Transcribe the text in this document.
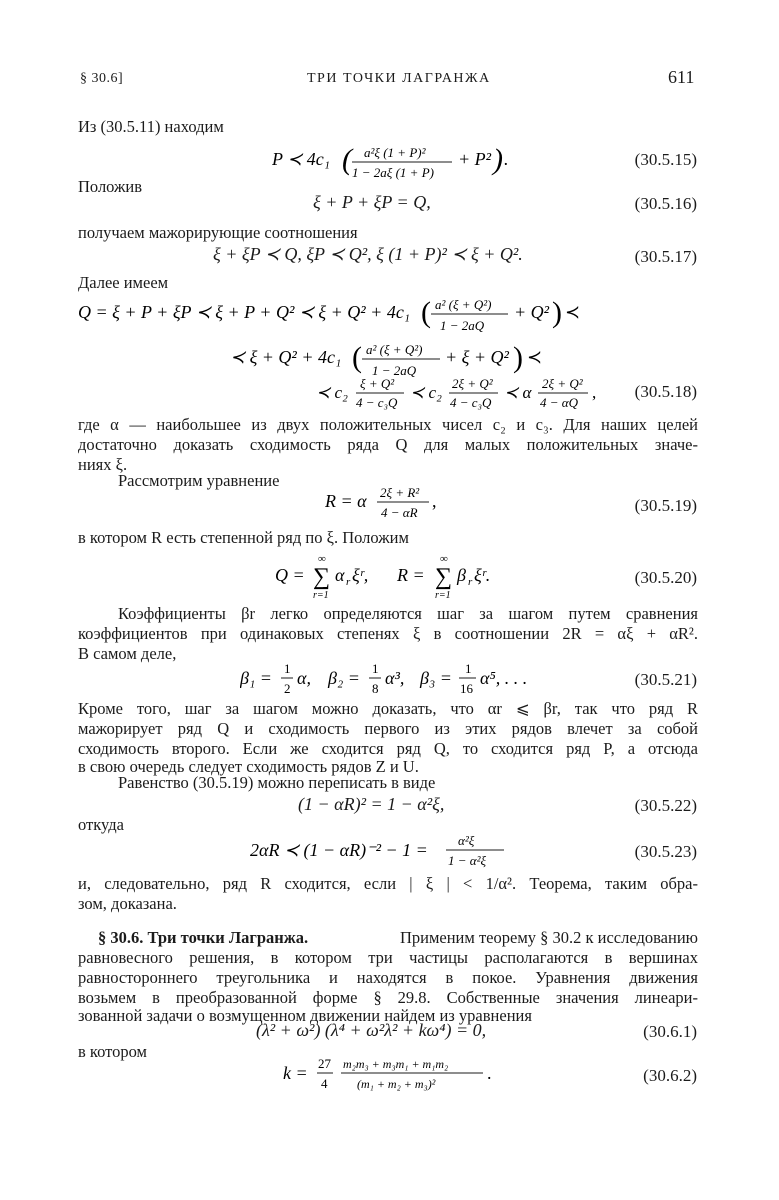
§ 30.6]	ТРИ ТОЧКИ ЛАГРАНЖА	611
Из (30.5.11) находим
P ≺ 4c₁ ( a²ξ (1 + P)²
1 − 2aξ (1 + P)
+ P² ) .	(30.5.15)
Положив
ξ + P + ξP = Q,	(30.5.16)
получаем мажорирующие соотношения
ξ + ξP ≺ Q, ξP ≺ Q², ξ (1 + P)² ≺ ξ + Q².	(30.5.17)
Далее имеем
Q = ξ + P + ξP ≺ ξ + P + Q² ≺ ξ + Q² + 4c₁ ( a² (ξ + Q²)
1 − 2aQ
+ Q² ) ≺
≺ ξ + Q² + 4c₁ ( a² (ξ + Q²)
1 − 2aQ
+ ξ + Q² ) ≺
≺ c₂ ξ + Q²
4 − c₃Q
≺ c₂ 2ξ + Q²
4 − c₃Q
≺ α 2ξ + Q²
4 − αQ
, (30.5.18)
где α — наибольшее из двух положительных чисел c₂ и c₃. Для наших целей
достаточно доказать сходимость ряда Q для малых положительных значе-
ниях ξ.
Рассмотрим уравнение
R = α 2ξ + R²
4 − αR
,	(30.5.19)
в котором R есть степенной ряд по ξ. Положим
Q =
∞
∑
r=1
α r ξʳ, R =
∞
∑
r=1
β r ξʳ.	(30.5.20)
Коэффициенты βr легко определяются шаг за шагом путем сравнения
коэффициентов при одинаковых степенях ξ в соотношении 2R = αξ + αR².
В самом деле,
β₁ = 1
2
α, β₂ = 1
8
α³, β₃ = 1
16
α⁵, . . .	(30.5.21)
Кроме того, шаг за шагом можно доказать, что αr ⩽ βr, так что ряд R
мажорирует ряд Q и сходимость первого из этих рядов влечет за собой
сходимость второго. Если же сходится ряд Q, то сходится ряд P, а отсюда
в свою очередь следует сходимость рядов Z и U.
Равенство (30.5.19) можно переписать в виде
(1 − αR)² = 1 − α²ξ,	(30.5.22)
откуда
2αR ≺ (1 − αR)⁻² − 1 = α²ξ
1 − α²ξ	(30.5.23)
и, следовательно, ряд R сходится, если | ξ | < 1/α². Теорема, таким обра-
зом, доказана.
§ 30.6. Три точки Лагранжа.	Применим теорему § 30.2 к исследованию
равновесного решения, в котором три частицы располагаются в вершинах
равностороннего треугольника и находятся в покое. Уравнения движения
возьмем в преобразованной форме § 29.8. Собственные значения линеари-
зованной задачи о возмущенном движении найдем из уравнения
(λ² + ω²) (λ⁴ + ω²λ² + kω⁴) = 0,	(30.6.1)
в котором
k = 27
4
m₂m₃ + m₃m₁ + m₁m₂
(m₁ + m₂ + m₃)²
.	(30.6.2)
